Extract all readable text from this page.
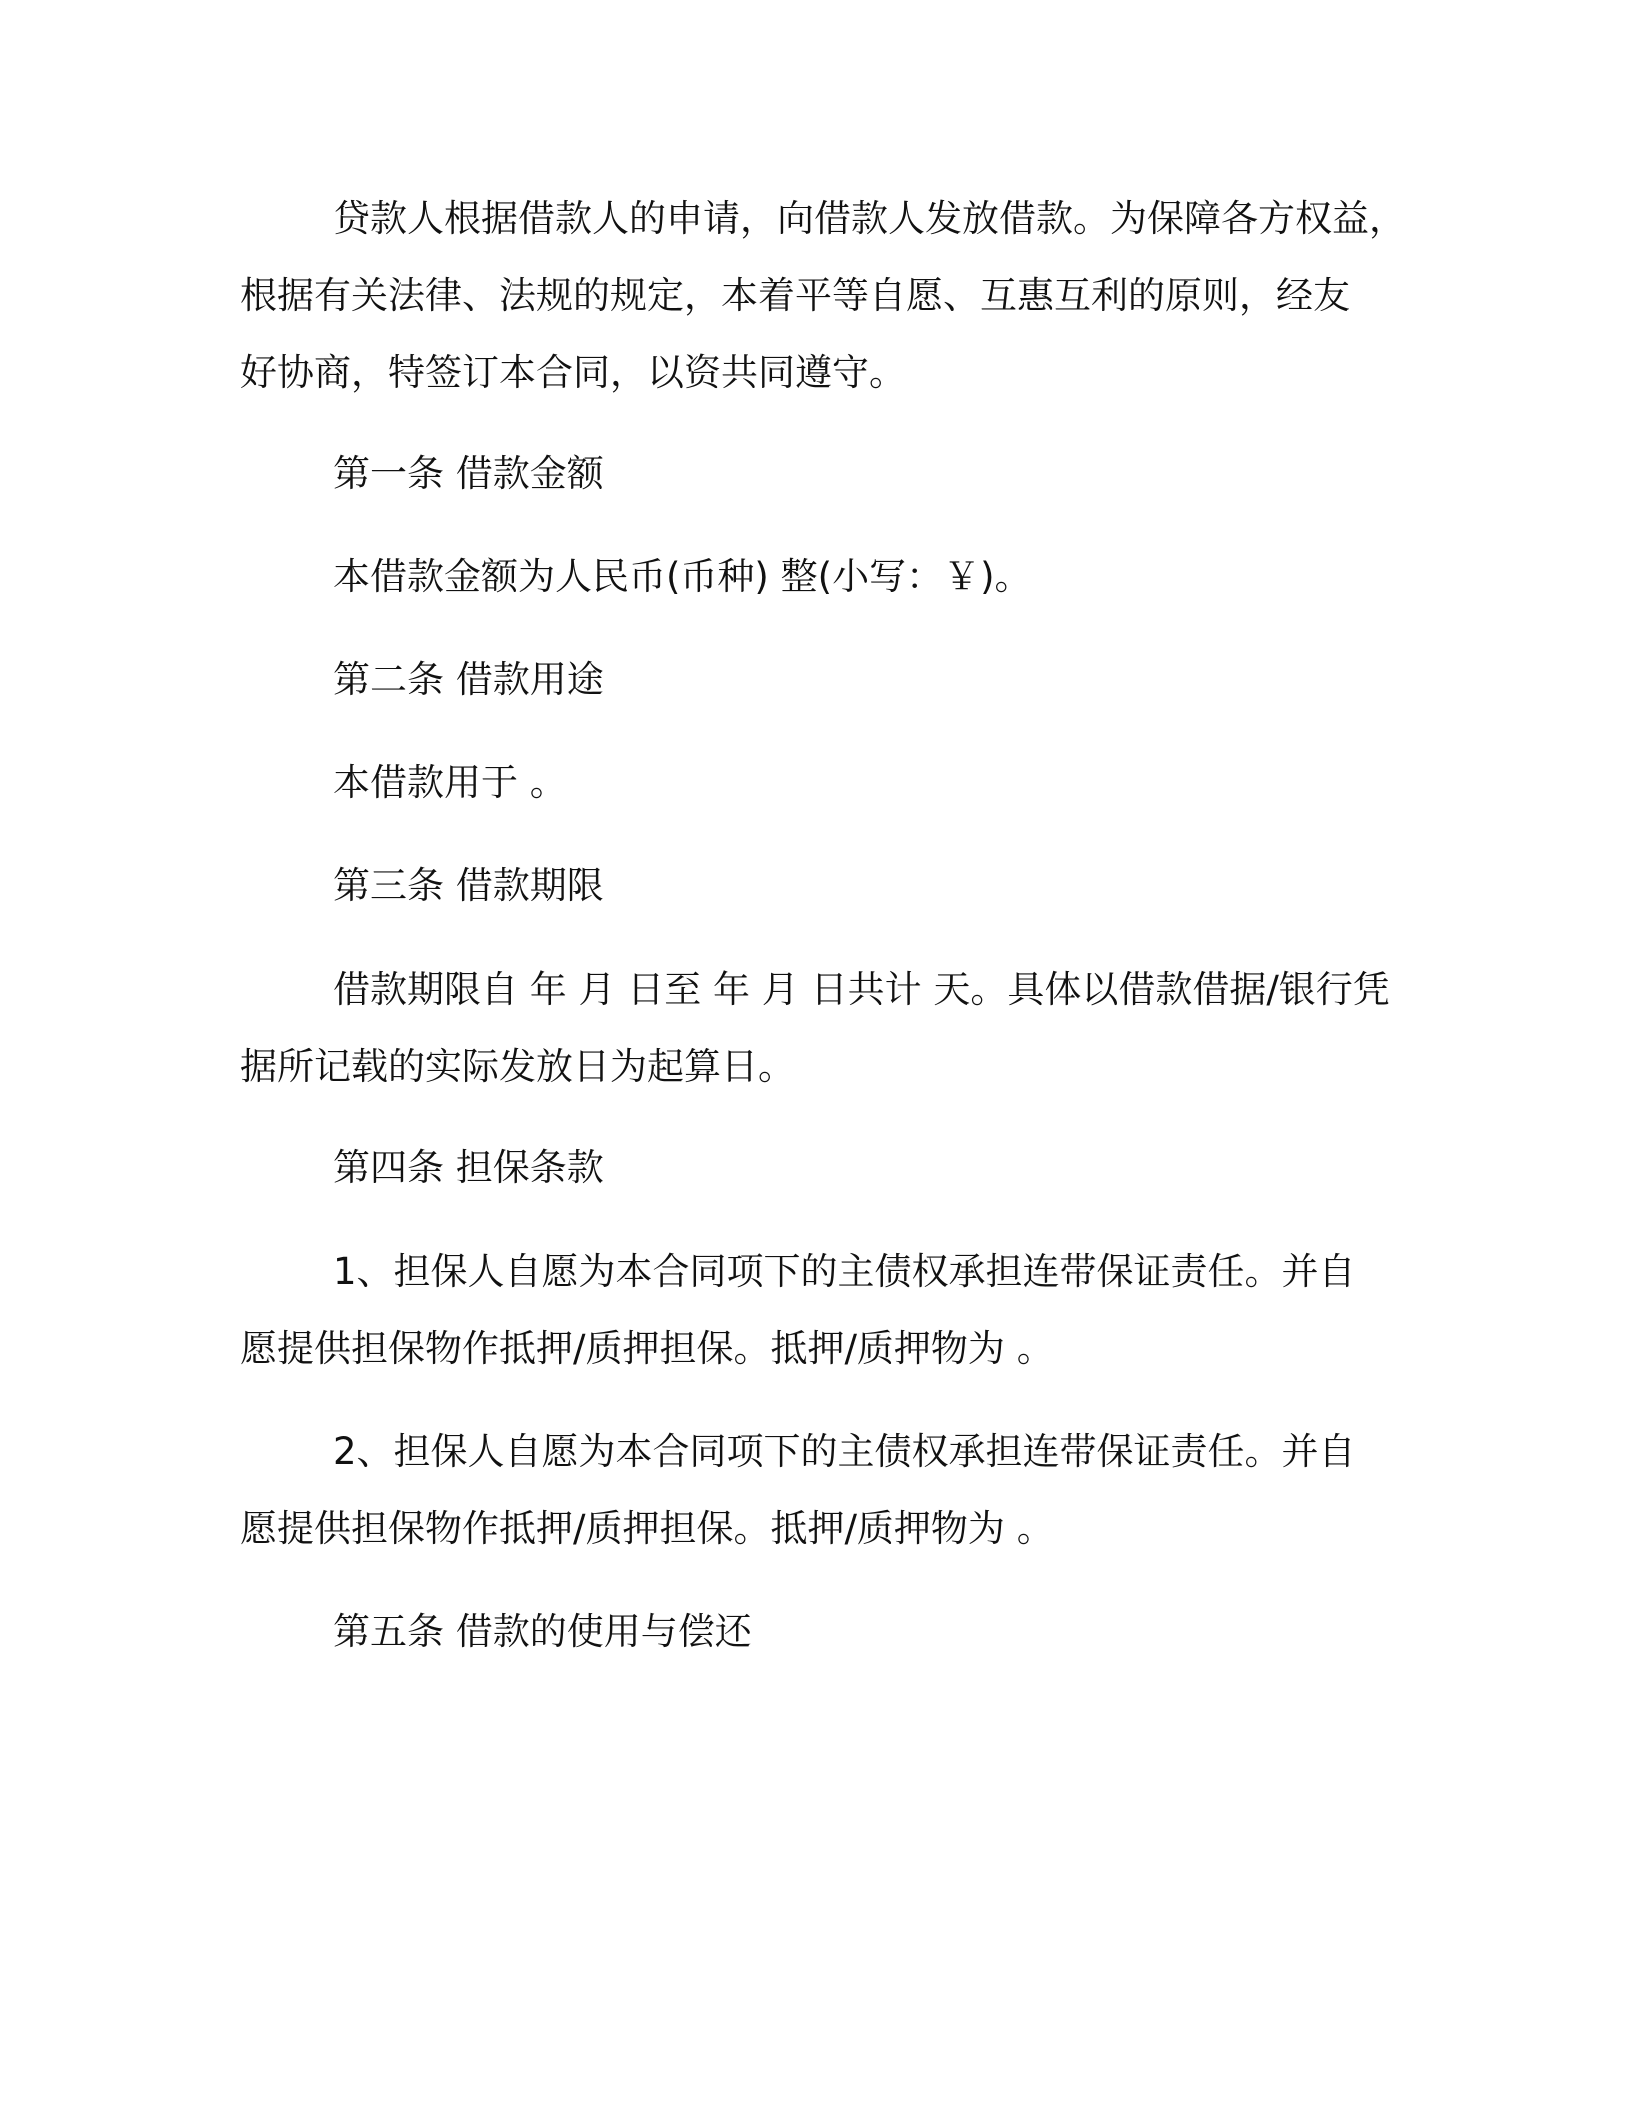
贷款人根据借款人的申请，向借款人发放借款。为保障各方权益，
根据有关法律、法规的规定，本着平等自愿、互惠互利的原则，经友
好协商，特签订本合同，以资共同遵守。
第一条 借款金额
本借款金额为人民币(币种) 整(小写：￥)。
第二条 借款用途
本借款用于 。
第三条 借款期限
借款期限自 年 月 日至 年 月 日共计 天。具体以借款借据/银行凭
据所记载的实际发放日为起算日。
第四条 担保条款
1、担保人自愿为本合同项下的主债权承担连带保证责任。并自
愿提供担保物作抵押/质押担保。抵押/质押物为 。
2、担保人自愿为本合同项下的主债权承担连带保证责任。并自
愿提供担保物作抵押/质押担保。抵押/质押物为 。
第五条 借款的使用与偿还
